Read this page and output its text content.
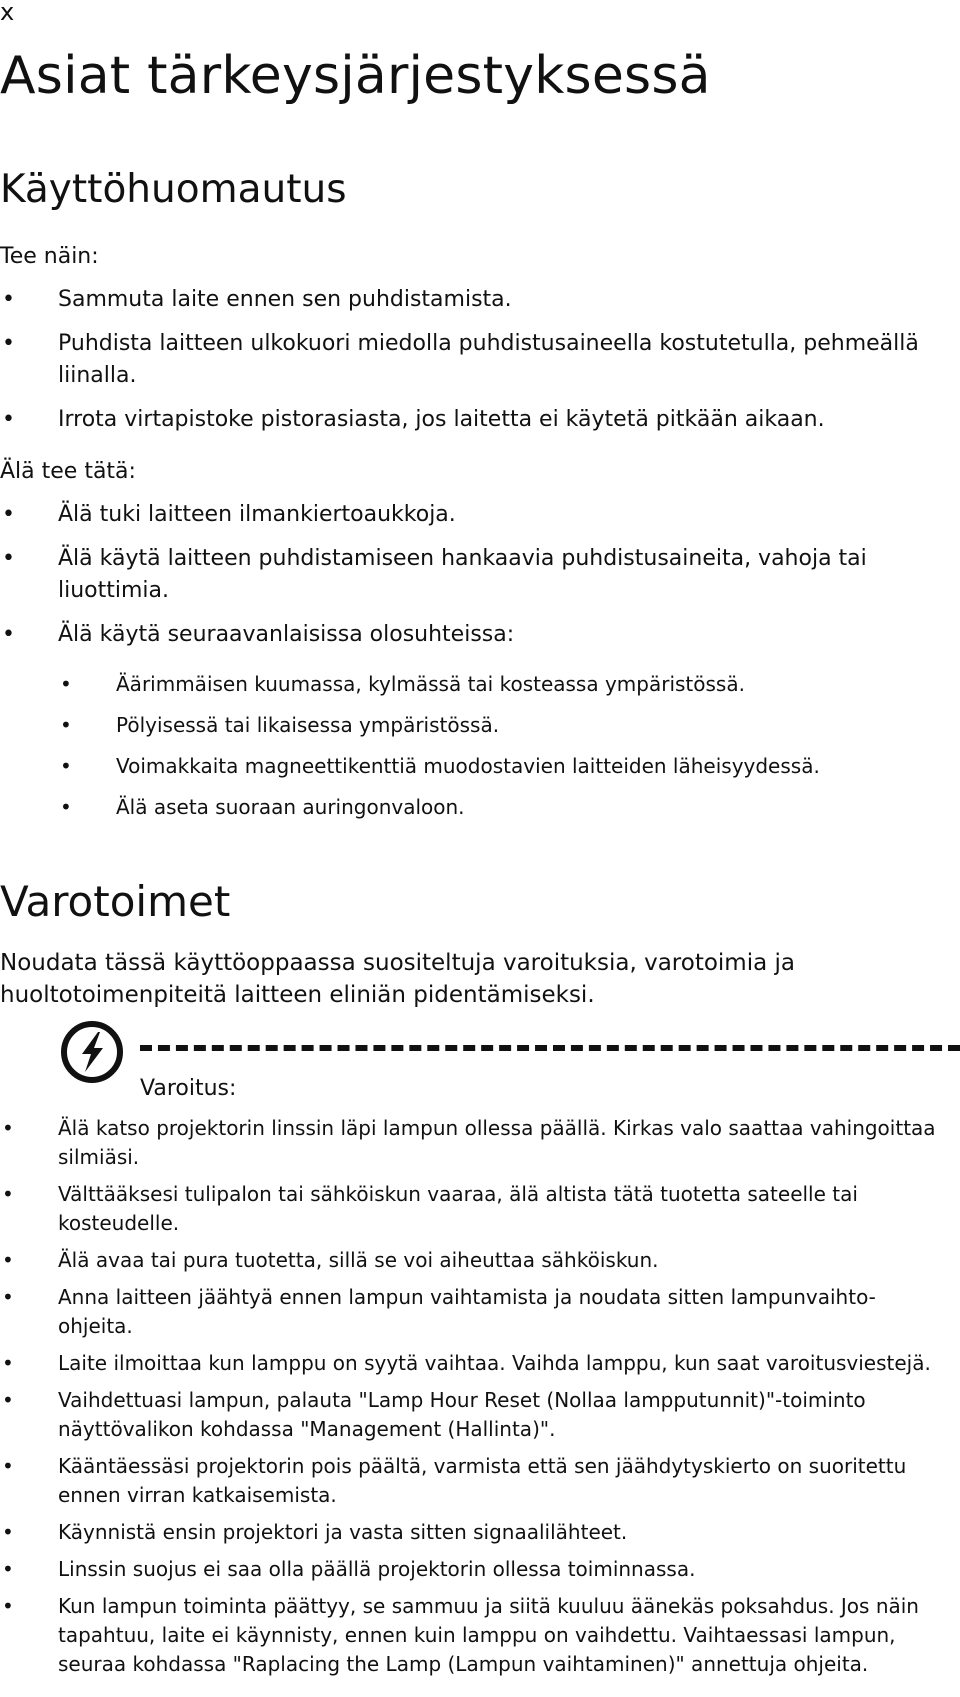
x
Asiat tärkeysjärjestyksessä
Käyttöhuomautus
Tee näin:
• Sammuta laite ennen sen puhdistamista.
• Puhdista laitteen ulkokuori miedolla puhdistusaineella kostutetulla, pehmeällä liinalla.
• Irrota virtapistoke pistorasiasta, jos laitetta ei käytetä pitkään aikaan.
Älä tee tätä:
• Älä tuki laitteen ilmankiertoaukkoja.
• Älä käytä laitteen puhdistamiseen hankaavia puhdistusaineita, vahoja tai liuottimia.
• Älä käytä seuraavanlaisissa olosuhteissa:
• Äärimmäisen kuumassa, kylmässä tai kosteassa ympäristössä.
• Pölyisessä tai likaisessa ympäristössä.
• Voimakkaita magneettikenttiä muodostavien laitteiden läheisyydessä.
• Älä aseta suoraan auringonvaloon.
Varotoimet
Noudata tässä käyttöoppaassa suositeltuja varoituksia, varotoimia ja huoltotoimenpiteitä laitteen eliniän pidentämiseksi.
Varoitus:
• Älä katso projektorin linssin läpi lampun ollessa päällä. Kirkas valo saattaa vahingoittaa silmiäsi.
• Välttääksesi tulipalon tai sähköiskun vaaraa, älä altista tätä tuotetta sateelle tai kosteudelle.
• Älä avaa tai pura tuotetta, sillä se voi aiheuttaa sähköiskun.
• Anna laitteen jäähtyä ennen lampun vaihtamista ja noudata sitten lampunvaihto-ohjeita.
• Laite ilmoittaa kun lamppu on syytä vaihtaa. Vaihda lamppu, kun saat varoitusviestejä.
• Vaihdettuasi lampun, palauta "Lamp Hour Reset (Nollaa lampputunnit)"-toiminto näyttövalikon kohdassa "Management (Hallinta)".
• Kääntäessäsi projektorin pois päältä, varmista että sen jäähdytyskierto on suoritettu ennen virran katkaisemista.
• Käynnistä ensin projektori ja vasta sitten signaalilähteet.
• Linssin suojus ei saa olla päällä projektorin ollessa toiminnassa.
• Kun lampun toiminta päättyy, se sammuu ja siitä kuuluu äänekäs poksahdus. Jos näin tapahtuu, laite ei käynnisty, ennen kuin lamppu on vaihdettu. Vaihtaessasi lampun, seuraa kohdassa "Raplacing the Lamp (Lampun vaihtaminen)" annettuja ohjeita.
